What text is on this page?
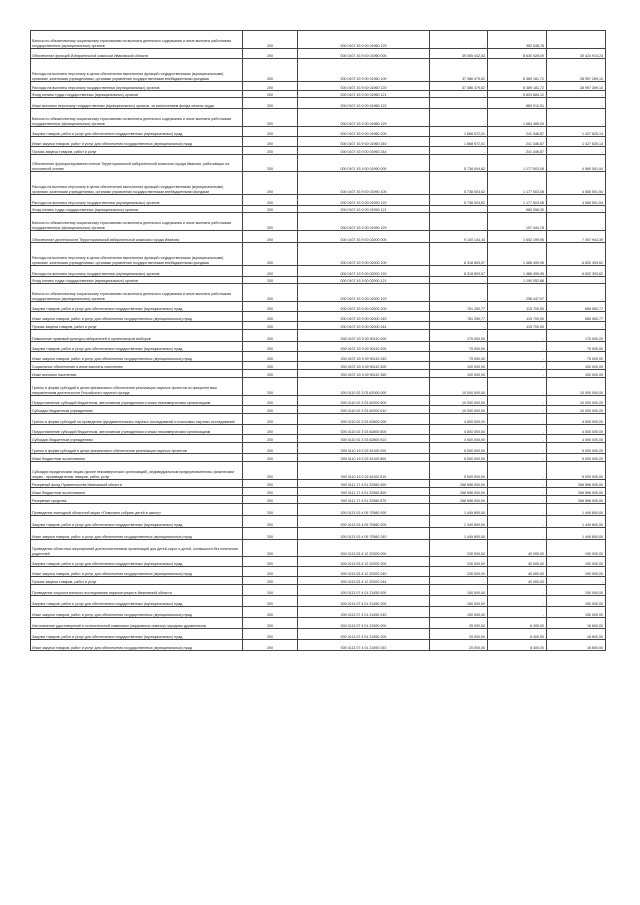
Взносы по обязательному социальному страхованию на выплаты денежного содержания и иные выплаты работникам государственных (муниципальных) органов	200	000 0107 43 9 00 01960 129	-	352 548,78	-
Обеспечение функций Избирательной комиссии Ивановской области	200	000 0107 43 9 00 01960 000	39 055 442,53	8 630 528,09	30 424 914,24
Расходы на выплаты персоналу в целях обеспечения выполнения функций государственными (муниципальными) органами, казенными учреждениями, органами управления государственными внебюджетными фондами	200	000 0107 43 9 00 01960 100	37 386 479,62	8 389 181,72	28 997 269,10
Расходы на выплаты персоналу государственных (муниципальных) органов	200	000 0107 43 9 00 01960 120	37 386 479,62	8 389 181,72	28 997 269,10
Фонд оплаты труда государственных (муниципальных) органов	200	000 0107 43 9 00 01960 121	-	5 824 684,12	-
Иные выплаты персоналу государственных (муниципальных) органов, за исключением фонда оплаты труда	200	000 0107 43 9 00 01960 122	-	880 012,51	-
Взносы по обязательному социальному страхованию на выплаты денежного содержания и иные выплаты работникам государственных (муниципальных) органов	200	000 0107 43 9 00 01960 129	-	1 684 485,09	-
Закупка товаров, работ и услуг для обеспечения государственных (муниципальных) нужд	200	000 0107 43 9 00 01960 200	1 668 972,01	241 346,87	1 427 625,14
Иные закупки товаров, работ и услуг для обеспечения государственных (муниципальных) нужд	200	000 0107 43 9 00 01960 240	1 668 972,01	241 346,87	1 427 625,14
Прочая закупка товаров, работ и услуг	200	000 0107 43 9 00 01960 244	-	241 346,87	-
Обеспечение функционирования членов Территориальной избирательной комиссии города Иваново, работающих на постоянной основе	200	000 0107 43 9 00 01990 000	5 738 004,62	1 177 503,08	4 560 501,54
Расходы на выплаты персоналу в целях обеспечения выполнения функций государственными (муниципальными) органами, казенными учреждениями, органами управления государственными внебюджетными фондами	200	000 0107 43 9 00 01990 100	5 738 004,62	1 177 503,08	4 560 501,54
Расходы на выплаты персоналу государственных (муниципальных) органов	200	000 0107 43 9 00 01990 120	5 738 004,62	1 177 503,08	4 560 501,54
Фонд оплаты труда государственных (муниципальных) органов	200	000 0107 43 9 00 01990 121	-	980 058,30	-
Взносы по обязательному социальному страхованию на выплаты денежного содержания и иные выплаты работникам государственных (муниципальных) органов	200	000 0107 43 9 00 01990 129	-	197 444,78	-
Обеспечение деятельности Территориальной избирательной комиссии города Иванова	200	000 0107 43 9 00 02000 000	9 100 144,34	1 602 199,95	7 497 944,39
Расходы на выплаты персоналу в целях обеспечения выполнения функций государственными (муниципальными) органами, казенными учреждениями, органами управления государственными внебюджетными фондами	200	000 0107 43 9 00 02000 100	8 318 893,57	1 486 499,95	6 832 393,62
Расходы на выплаты персоналу государственных (муниципальных) органов	200	000 0107 43 9 00 02000 120	8 318 893,57	1 486 499,95	6 832 393,62
Фонд оплаты труда государственных (муниципальных) органов	200	000 0107 43 9 00 02000 121	-	1 190 052,88	-
Взносы по обязательному социальному страхованию на выплаты денежного содержания и иные выплаты работникам государственных (муниципальных) органов	200	000 0107 43 9 00 02000 129	-	296 447,07	-
Закупка товаров, работ и услуг для обеспечения государственных (муниципальных) нужд	200	000 0107 43 9 00 02000 200	781 250,77	115 700,00	665 550,77
Иные закупки товаров, работ и услуг для обеспечения государственных (муниципальных) нужд	200	000 0107 43 9 00 02000 240	781 250,77	115 700,00	665 550,77
Прочая закупка товаров, работ и услуг	200	000 0107 43 9 00 02000 244	-	115 700,00	-
Повышение правовой культуры избирателей и организаторов выборов	200	000 0107 43 9 00 90110 000	175 000,00	-	175 000,00
Закупка товаров, работ и услуг для обеспечения государственных (муниципальных) нужд	200	000 0107 43 9 00 90110 200	75 000,00	-	75 000,00
Иные закупки товаров, работ и услуг для обеспечения государственных (муниципальных) нужд	200	000 0107 43 9 00 90110 240	75 000,00	-	75 000,00
Социальное обеспечение и иные выплаты населению	200	000 0107 43 9 00 90110 300	100 000,00	-	100 000,00
Иные выплаты населению	200	000 0107 43 9 00 90110 360	100 000,00	-	100 000,00
Гранты в форме субсидий в целях финансового обеспечения реализации научных проектов по приоритетным направлениям деятельности Российского научного фонда	200	000 0110 02 3 03 62000 000	10 000 000,00	-	10 000 000,00
Предоставление субсидий бюджетным, автономным учреждениям и иным некоммерческим организациям	200	000 0110 02 3 03 62000 600	10 000 000,00	-	10 000 000,00
Субсидии бюджетным учреждениям	200	000 0110 02 3 03 62000 610	10 000 000,00	-	10 000 000,00
Гранты в форме субсидий на проведение фундаментальных научных исследований и поисковых научных исследований	200	000 0110 02 3 03 62800 000	4 500 000,00	-	4 500 000,00
Предоставление субсидий бюджетным, автономным учреждениям и иным некоммерческим организациям	200	000 0110 02 3 03 62800 600	4 500 000,00	-	4 500 000,00
Субсидии бюджетным учреждениям	200	000 0110 02 3 03 62800 610	4 500 000,00	-	4 500 000,00
Гранты в форме субсидий в целях финансового обеспечения реализации научных проектов	200	000 0110 19 2 02 61100 000	5 000 000,00	-	5 000 000,00
Иные бюджетные ассигнования	200	000 0110 19 2 02 61100 800	5 000 000,00	-	5 000 000,00
Субсидии юридическим лицам (кроме некоммерческих организаций), индивидуальным предпринимателям, физическим лицам - производителям товаров, работ, услуг	200	000 0110 19 2 02 61100 810	5 000 000,00	-	5 000 000,00
Резервный фонд Правительства Ивановской области	200	000 0111 17 4 01 22960 000	268 596 000,00	-	268 596 000,00
Иные бюджетные ассигнования	200	000 0111 17 4 01 22960 800	268 596 000,00	-	268 596 000,00
Резервные средства	200	000 0111 17 4 01 22960 870	268 596 000,00	-	268 596 000,00
Проведение ежегодной областной акции «Помогаем собрать детей в школу»	200	000 0113 03 4 09 70580 000	1 449 800,00	-	1 449 800,00
Закупка товаров, работ и услуг для обеспечения государственных (муниципальных) нужд	200	000 0113 03 4 09 70580 200	1 449 800,00	-	1 449 800,00
Иные закупки товаров, работ и услуг для обеспечения государственных (муниципальных) нужд	200	000 0113 03 4 09 70580 240	1 449 800,00	-	1 449 800,00
Проведение областных мероприятий для воспитанников организаций для детей-сирот и детей, оставшихся без попечения родителей	200	000 0113 03 4 12 20200 000	230 000,00	40 000,00	190 000,00
Закупка товаров, работ и услуг для обеспечения государственных (муниципальных) нужд	200	000 0113 03 4 12 20200 200	230 000,00	40 000,00	190 000,00
Иные закупки товаров, работ и услуг для обеспечения государственных (муниципальных) нужд	200	000 0113 03 4 12 20200 240	230 000,00	40 000,00	190 000,00
Прочая закупка товаров, работ и услуг	200	000 0113 03 4 12 20200 244	-	40 000,00	-
Проведение социологического исследования наркоситуации в Ивановской области	200	000 0113 07 4 01 21450 000	150 000,00	-	150 000,00
Закупка товаров, работ и услуг для обеспечения государственных (муниципальных) нужд	200	000 0113 07 4 01 21450 200	150 000,00	-	150 000,00
Иные закупки товаров, работ и услуг для обеспечения государственных (муниципальных) нужд	200	000 0113 07 4 01 21450 240	150 000,00	-	150 000,00
Изготовление удостоверений и отличительной символики (нарукавных повязок) народных дружинников	200	000 0113 07 4 01 21590 000	25 000,00	8 400,00	16 600,00
Закупка товаров, работ и услуг для обеспечения государственных (муниципальных) нужд	200	000 0113 07 4 01 21590 200	25 000,00	8 400,00	16 600,00
Иные закупки товаров, работ и услуг для обеспечения государственных (муниципальных) нужд	200	000 0113 07 4 01 21590 240	25 000,00	8 400,00	16 600,00
